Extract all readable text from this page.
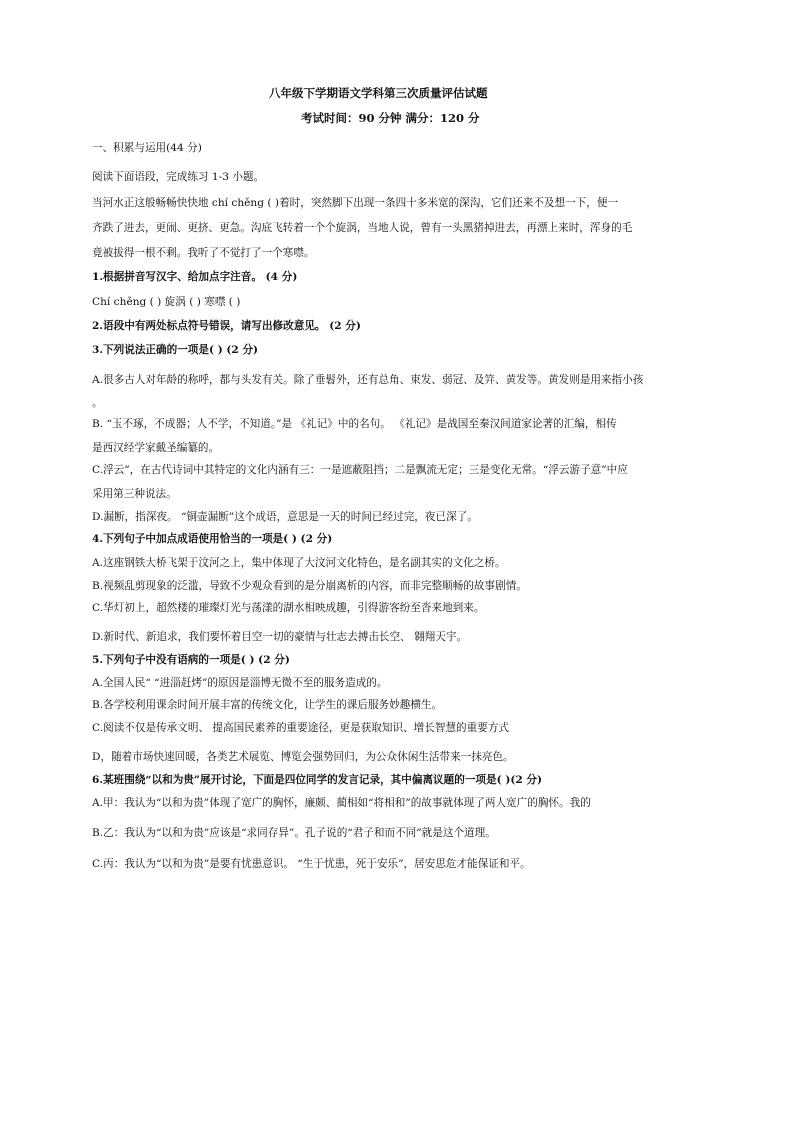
八年级下学期语文学科第三次质量评估试题
考试时间：90 分钟 满分：120 分
一、积累与运用(44 分)
阅读下面语段，完成练习 1-3 小题。
当河水正这般畅畅快快地 chí chěng ( )着时，突然脚下出现一条四十多米宽的深沟，它们还来不及想一下，便一
齐跌了进去，更闹、更挤、更急。沟底飞转着一个个旋涡，当地人说，曾有一头黑猪掉进去，再漂上来时，浑身的毛
竟被拔得一根不剩。我听了不觉打了一个寒噤。
1.根据拼音写汉字、给加点字注音。 (4 分)
Chí chěng ( ) 旋涡 ( ) 寒噤 ( )
2.语段中有两处标点符号错误，请写出修改意见。 (2 分)
3.下列说法正确的一项是( ) (2 分)
A.很多古人对年龄的称呼，都与头发有关。除了垂髫外，还有总角、束发、弱冠、及笄、黄发等。黄发则是用来指小孩
。
B. “玉不琢，不成器；人不学，不知道。”是 《礼记》中的名句。 《礼记》是战国至秦汉间道家论著的汇编，相传
是西汉经学家戴圣编纂的。
C.浮云”，在古代诗词中其特定的文化内涵有三：一是遮蔽阻挡；二是飘流无定；三是变化无常。“浮云游子意”中应
采用第三种说法。
D.漏断，指深夜。 “铜壶漏断”这个成语，意思是一天的时间已经过完，夜已深了。
4.下列句子中加点成语使用恰当的一项是( ) (2 分)
A.这座钢铁大桥飞架于汶河之上，集中体现了大汶河文化特色，是名副其实的文化之桥。
B.视频乱剪现象的泛滥，导致不少观众看到的是分崩离析的内容，而非完整顺畅的故事剧情。
C.华灯初上，超然楼的璀璨灯光与荡漾的湖水相映成趣，引得游客纷至沓来地到来。
D.新时代、新追求，我们要怀着目空一切的豪情与壮志去搏击长空、 翱翔天宇。
5.下列句子中没有语病的一项是( ) (2 分)
A.全国人民“ “进淄赶烤”的原因是淄博无微不至的服务造成的。
B.各学校利用课余时间开展丰富的传统文化，让学生的课后服务妙趣横生。
C.阅读不仅是传承文明、 提高国民素养的重要途径，更是获取知识、增长智慧的重要方式
D，随着市场快速回暖，各类艺术展览、博览会强势回归，为公众休闲生活带来一抹亮色。
6.某班围绕“以和为贵”展开讨论，下面是四位同学的发言记录，其中偏离议题的一项是( )(2 分)
A.甲：我认为“以和为贵”体现了宽广的胸怀，廉颇、蔺相如“将相和”的故事就体现了两人宽广的胸怀。我的
B.乙：我认为“以和为贵”应该是“求同存异”。孔子说的“君子和而不同”就是这个道理。
C.丙：我认为“以和为贵”是要有忧患意识。 “生于忧患，死于安乐”，居安思危才能保证和平。
